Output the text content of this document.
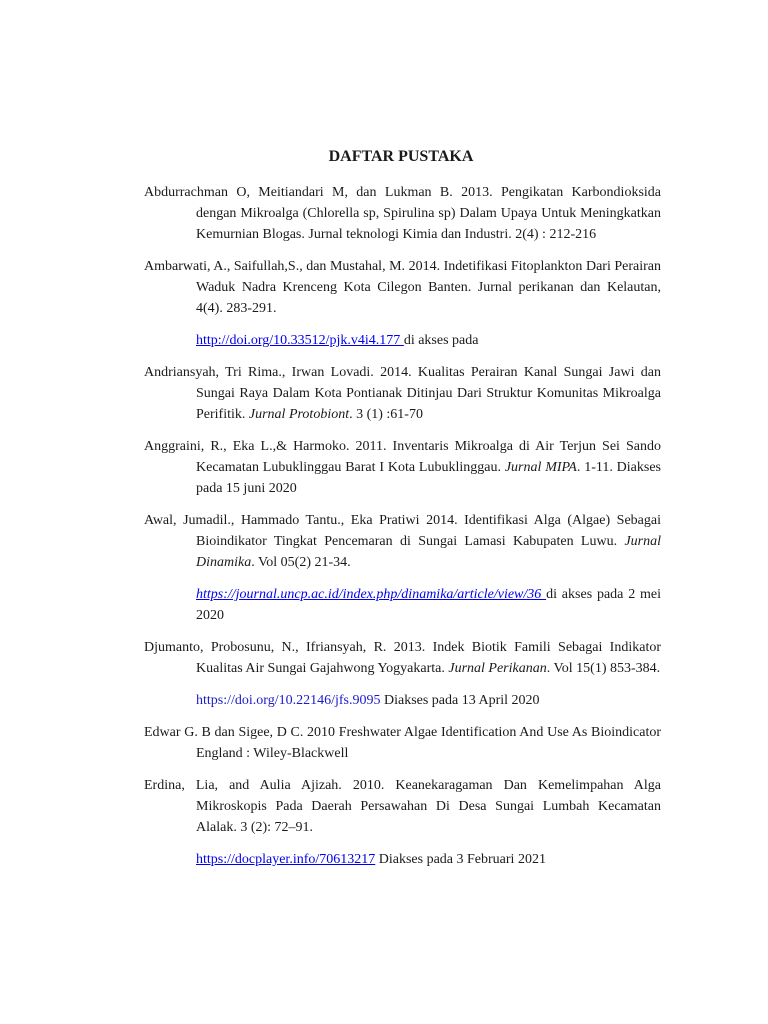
DAFTAR PUSTAKA

Abdurrachman O, Meitiandari M, dan Lukman B. 2013. Pengikatan Karbondioksida dengan Mikroalga (Chlorella sp, Spirulina sp) Dalam Upaya Untuk Meningkatkan Kemurnian Blogas. Jurnal teknologi Kimia dan Industri. 2(4) : 212-216

Ambarwati, A., Saifullah,S., dan Mustahal, M. 2014. Indetifikasi Fitoplankton Dari Perairan Waduk Nadra Krenceng Kota Cilegon Banten. Jurnal perikanan dan Kelautan, 4(4). 283-291.

http://doi.org/10.33512/pjk.v4i4.177 di akses pada

Andriansyah, Tri Rima., Irwan Lovadi. 2014. Kualitas Perairan Kanal Sungai Jawi dan Sungai Raya Dalam Kota Pontianak Ditinjau Dari Struktur Komunitas Mikroalga Perifitik. Jurnal Protobiont. 3 (1) :61-70

Anggraini, R., Eka L.,& Harmoko. 2011. Inventaris Mikroalga di Air Terjun Sei Sando Kecamatan Lubuklinggau Barat I Kota Lubuklinggau. Jurnal MIPA. 1-11. Diakses pada 15 juni 2020

Awal, Jumadil., Hammado Tantu., Eka Pratiwi 2014. Identifikasi Alga (Algae) Sebagai Bioindikator Tingkat Pencemaran di Sungai Lamasi Kabupaten Luwu. Jurnal Dinamika. Vol 05(2) 21-34.

https://journal.uncp.ac.id/index.php/dinamika/article/view/36 di akses pada 2 mei 2020

Djumanto, Probosunu, N., Ifriansyah, R. 2013. Indek Biotik Famili Sebagai Indikator Kualitas Air Sungai Gajahwong Yogyakarta. Jurnal Perikanan. Vol 15(1) 853-384.

https://doi.org/10.22146/jfs.9095 Diakses pada 13 April 2020

Edwar G. B dan Sigee, D C. 2010 Freshwater Algae Identification And Use As Bioindicator England : Wiley-Blackwell

Erdina, Lia, and Aulia Ajizah. 2010. Keanekaragaman Dan Kemelimpahan Alga Mikroskopis Pada Daerah Persawahan Di Desa Sungai Lumbah Kecamatan Alalak. 3 (2): 72–91.

https://docplayer.info/70613217 Diakses pada 3 Februari 2021
